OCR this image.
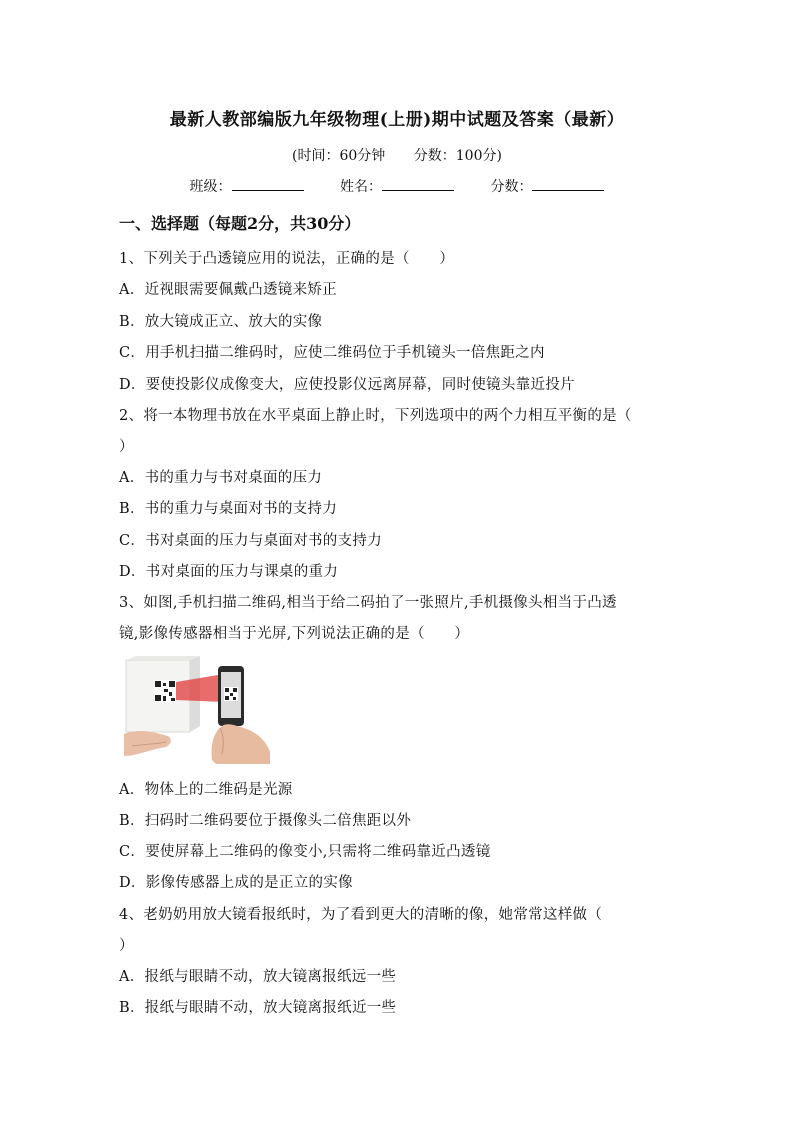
最新人教部编版九年级物理(上册)期中试题及答案（最新）
(时间：60分钟 分数：100分)
班级：	姓名：	分数：
一、选择题（每题2分，共30分）
1、下列关于凸透镜应用的说法，正确的是（　　）
A．近视眼需要佩戴凸透镜来矫正
B．放大镜成正立、放大的实像
C．用手机扫描二维码时，应使二维码位于手机镜头一倍焦距之内
D．要使投影仪成像变大，应使投影仪远离屏幕，同时使镜头靠近投片
2、将一本物理书放在水平桌面上静止时，下列选项中的两个力相互平衡的是（
）
A．书的重力与书对桌面的压力
B．书的重力与桌面对书的支持力
C．书对桌面的压力与桌面对书的支持力
D．书对桌面的压力与课桌的重力
3、如图,手机扫描二维码,相当于给二码拍了一张照片,手机摄像头相当于凸透
镜,影像传感器相当于光屏,下列说法正确的是（　　）
A．物体上的二维码是光源
B．扫码时二维码要位于摄像头二倍焦距以外
C．要使屏幕上二维码的像变小,只需将二维码靠近凸透镜
D．影像传感器上成的是正立的实像
4、老奶奶用放大镜看报纸时，为了看到更大的清晰的像，她常常这样做（
）
A．报纸与眼睛不动，放大镜离报纸远一些
B．报纸与眼睛不动，放大镜离报纸近一些
